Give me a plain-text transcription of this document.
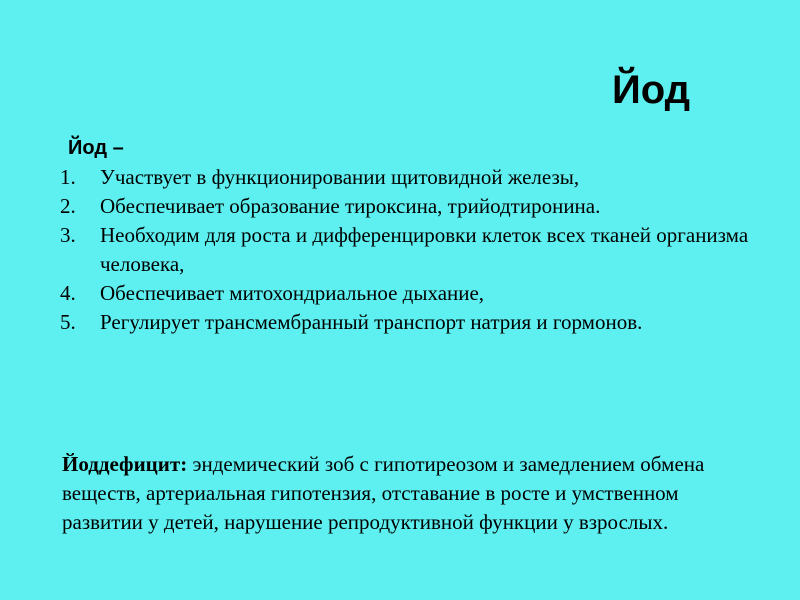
Йод
Йод –
1.	Участвует в функционировании щитовидной железы,
2.	Обеспечивает образование тироксина, трийодтиронина.
3.	Необходим для роста и дифференцировки клеток всех тканей организма человека,
4.	Обеспечивает митохондриальное дыхание,
5.	Регулирует трансмембранный транспорт натрия и гормонов.

Йоддефицит: эндемический зоб с гипотиреозом и замедлением обмена веществ, артериальная гипотензия, отставание в росте и умственном развитии у детей, нарушение репродуктивной функции у взрослых.
